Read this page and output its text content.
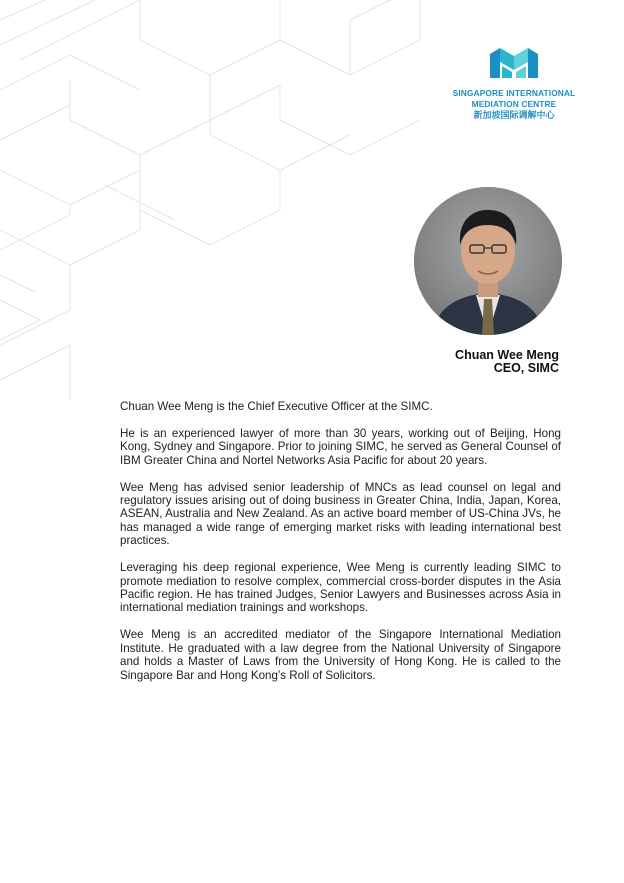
SINGAPORE INTERNATIONAL
MEDIATION CENTRE
新加坡国际调解中心
Chuan Wee Meng
CEO, SIMC

Chuan Wee Meng is the Chief Executive Officer at the SIMC.

He is an experienced lawyer of more than 30 years, working out of Beijing, Hong Kong, Sydney and Singapore. Prior to joining SIMC, he served as General Counsel of IBM Greater China and Nortel Networks Asia Pacific for about 20 years.

Wee Meng has advised senior leadership of MNCs as lead counsel on legal and regulatory issues arising out of doing business in Greater China, India, Japan, Korea, ASEAN, Australia and New Zealand. As an active board member of US-China JVs, he has managed a wide range of emerging market risks with leading international best practices.

Leveraging his deep regional experience, Wee Meng is currently leading SIMC to promote mediation to resolve complex, commercial cross-border disputes in the Asia Pacific region. He has trained Judges, Senior Lawyers and Businesses across Asia in international mediation trainings and workshops.

Wee Meng is an accredited mediator of the Singapore International Mediation Institute. He graduated with a law degree from the National University of Singapore and holds a Master of Laws from the University of Hong Kong. He is called to the Singapore Bar and Hong Kong’s Roll of Solicitors.
